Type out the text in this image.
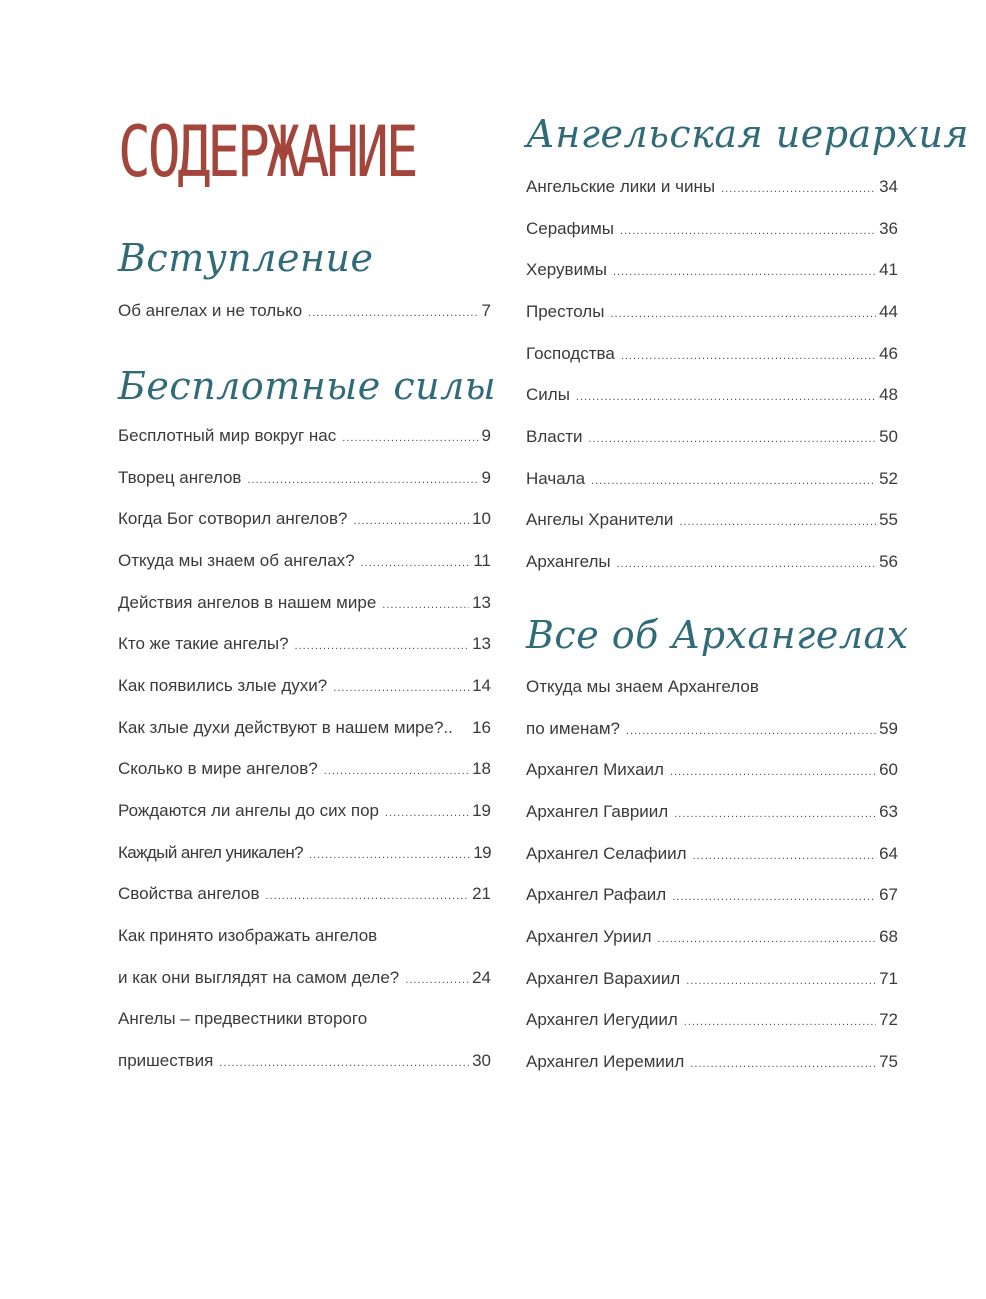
СОДЕРЖАНИЕ
Вступление
Об ангелах и не только .....	7
Бесплотные силы
Бесплотный мир вокруг нас .....	9
Творец ангелов .....	9
Когда Бог сотворил ангелов? .....	10
Откуда мы знаем об ангелах? .....	11
Действия ангелов в нашем мире .....	13
Кто же такие ангелы? .....	13
Как появились злые духи? .....	14
Как злые духи действуют в нашем мире?.. 16
Сколько в мире ангелов? .....	18
Рождаются ли ангелы до сих пор .....	19
Каждый ангел уникален? .....	19
Свойства ангелов .....	21
Как принято изображать ангелов
и как они выглядят на самом деле? .....	24
Ангелы – предвестники второго
пришествия .....	30
Ангельская иерархия
Ангельские лики и чины .....	34
Серафимы .....	36
Херувимы .....	41
Престолы .....	44
Господства .....	46
Силы .....	48
Власти .....	50
Начала .....	52
Ангелы Хранители .....	55
Архангелы .....	56
Все об Архангелах
Откуда мы знаем Архангелов
по именам? .....	59
Архангел Михаил .....	60
Архангел Гавриил .....	63
Архангел Селафиил .....	64
Архангел Рафаил .....	67
Архангел Уриил .....	68
Архангел Варахиил .....	71
Архангел Иегудиил .....	72
Архангел Иеремиил .....	75
